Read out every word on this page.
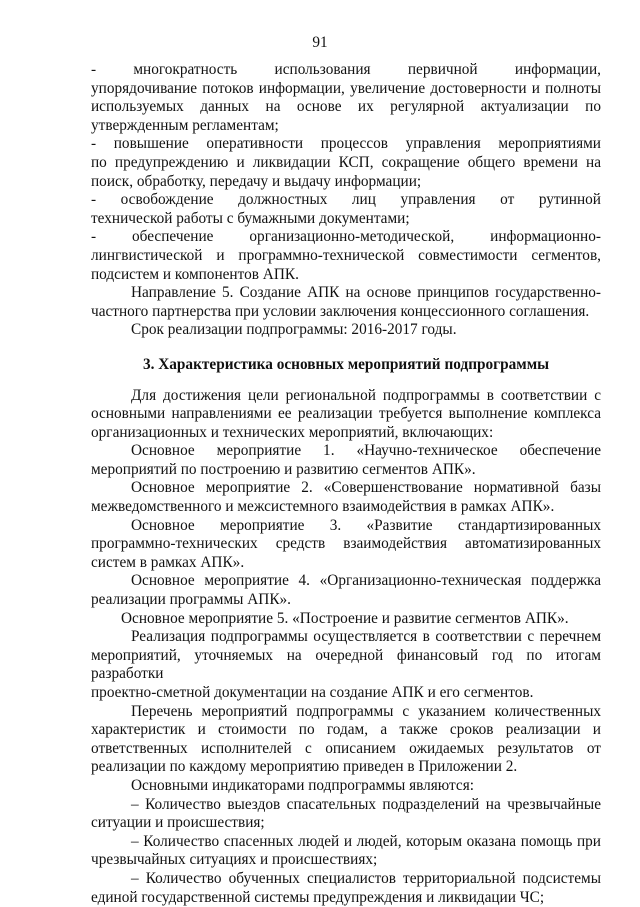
91

- многократность использования первичной информации,

упорядочивание потоков информации, увеличение достоверности и полноты

используемых данных на основе их регулярной актуализации по

утвержденным регламентам;

- повышение оперативности процессов управления мероприятиями

по предупреждению и ликвидации КСП, сокращение общего времени на

поиск, обработку, передачу и выдачу информации;

- освобождение должностных лиц управления от рутинной

технической работы с бумажными документами;

- обеспечение организационно-методической, информационно-

лингвистической и программно-технической совместимости сегментов,

подсистем и компонентов АПК.

Направление 5. Создание АПК на основе принципов государственно-

частного партнерства при условии заключения концессионного соглашения.

Срок реализации подпрограммы: 2016-2017 годы.

3. Характеристика основных мероприятий подпрограммы

Для достижения цели региональной подпрограммы в соответствии с

основными направлениями ее реализации требуется выполнение комплекса

организационных и технических мероприятий, включающих:

Основное мероприятие 1. «Научно-техническое обеспечение

мероприятий по построению и развитию сегментов АПК».

Основное мероприятие 2. «Совершенствование нормативной базы

межведомственного и межсистемного взаимодействия в рамках АПК».

Основное мероприятие 3. «Развитие стандартизированных

программно-технических средств взаимодействия автоматизированных

систем в рамках АПК».

Основное мероприятие 4. «Организационно-техническая поддержка

реализации программы АПК».

Основное мероприятие 5. «Построение и развитие сегментов АПК».

Реализация подпрограммы осуществляется в соответствии с перечнем

мероприятий, уточняемых на очередной финансовый год по итогам разработки

проектно-сметной документации на создание АПК и его сегментов.

Перечень мероприятий подпрограммы с указанием количественных

характеристик и стоимости по годам, а также сроков реализации и

ответственных исполнителей с описанием ожидаемых результатов от

реализации по каждому мероприятию приведен в Приложении 2.

Основными индикаторами подпрограммы являются:

– Количество выездов спасательных подразделений на чрезвычайные

ситуации и происшествия;

– Количество спасенных людей и людей, которым оказана помощь при

чрезвычайных ситуациях и происшествиях;

– Количество обученных специалистов территориальной подсистемы

единой государственной системы предупреждения и ликвидации ЧС;
